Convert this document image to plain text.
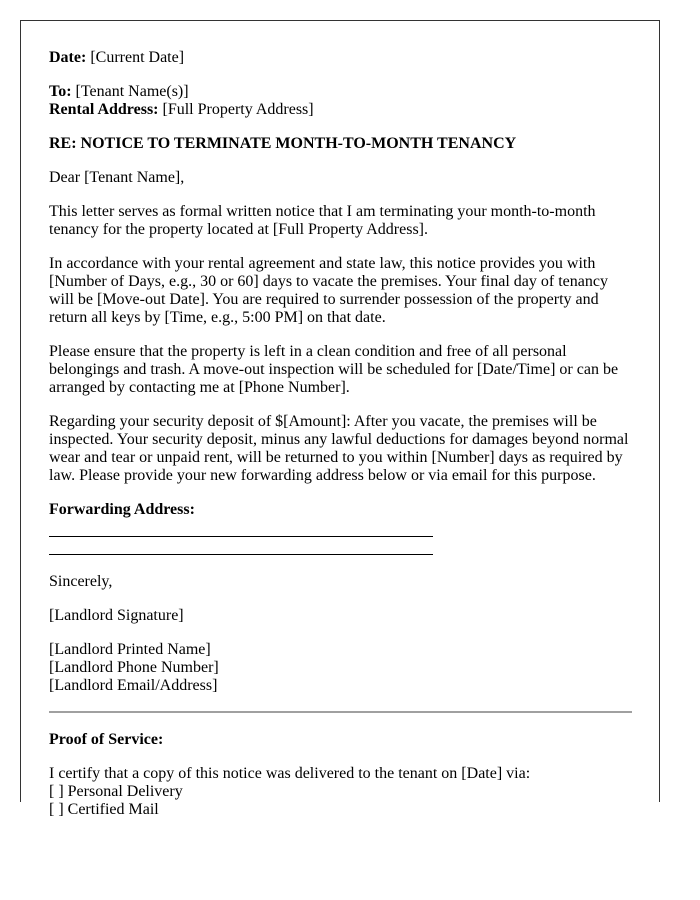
Date: [Current Date]

To: [Tenant Name(s)]
Rental Address: [Full Property Address]

RE: NOTICE TO TERMINATE MONTH-TO-MONTH TENANCY

Dear [Tenant Name],

This letter serves as formal written notice that I am terminating your month-to-month tenancy for the property located at [Full Property Address].

In accordance with your rental agreement and state law, this notice provides you with [Number of Days, e.g., 30 or 60] days to vacate the premises. Your final day of tenancy will be [Move-out Date]. You are required to surrender possession of the property and return all keys by [Time, e.g., 5:00 PM] on that date.

Please ensure that the property is left in a clean condition and free of all personal belongings and trash. A move-out inspection will be scheduled for [Date/Time] or can be arranged by contacting me at [Phone Number].

Regarding your security deposit of $[Amount]: After you vacate, the premises will be inspected. Your security deposit, minus any lawful deductions for damages beyond normal wear and tear or unpaid rent, will be returned to you within [Number] days as required by law. Please provide your new forwarding address below or via email for this purpose.

Forwarding Address:

Sincerely,

[Landlord Signature]

[Landlord Printed Name]
[Landlord Phone Number]
[Landlord Email/Address]

Proof of Service:

I certify that a copy of this notice was delivered to the tenant on [Date] via:
[ ] Personal Delivery
[ ] Certified Mail
